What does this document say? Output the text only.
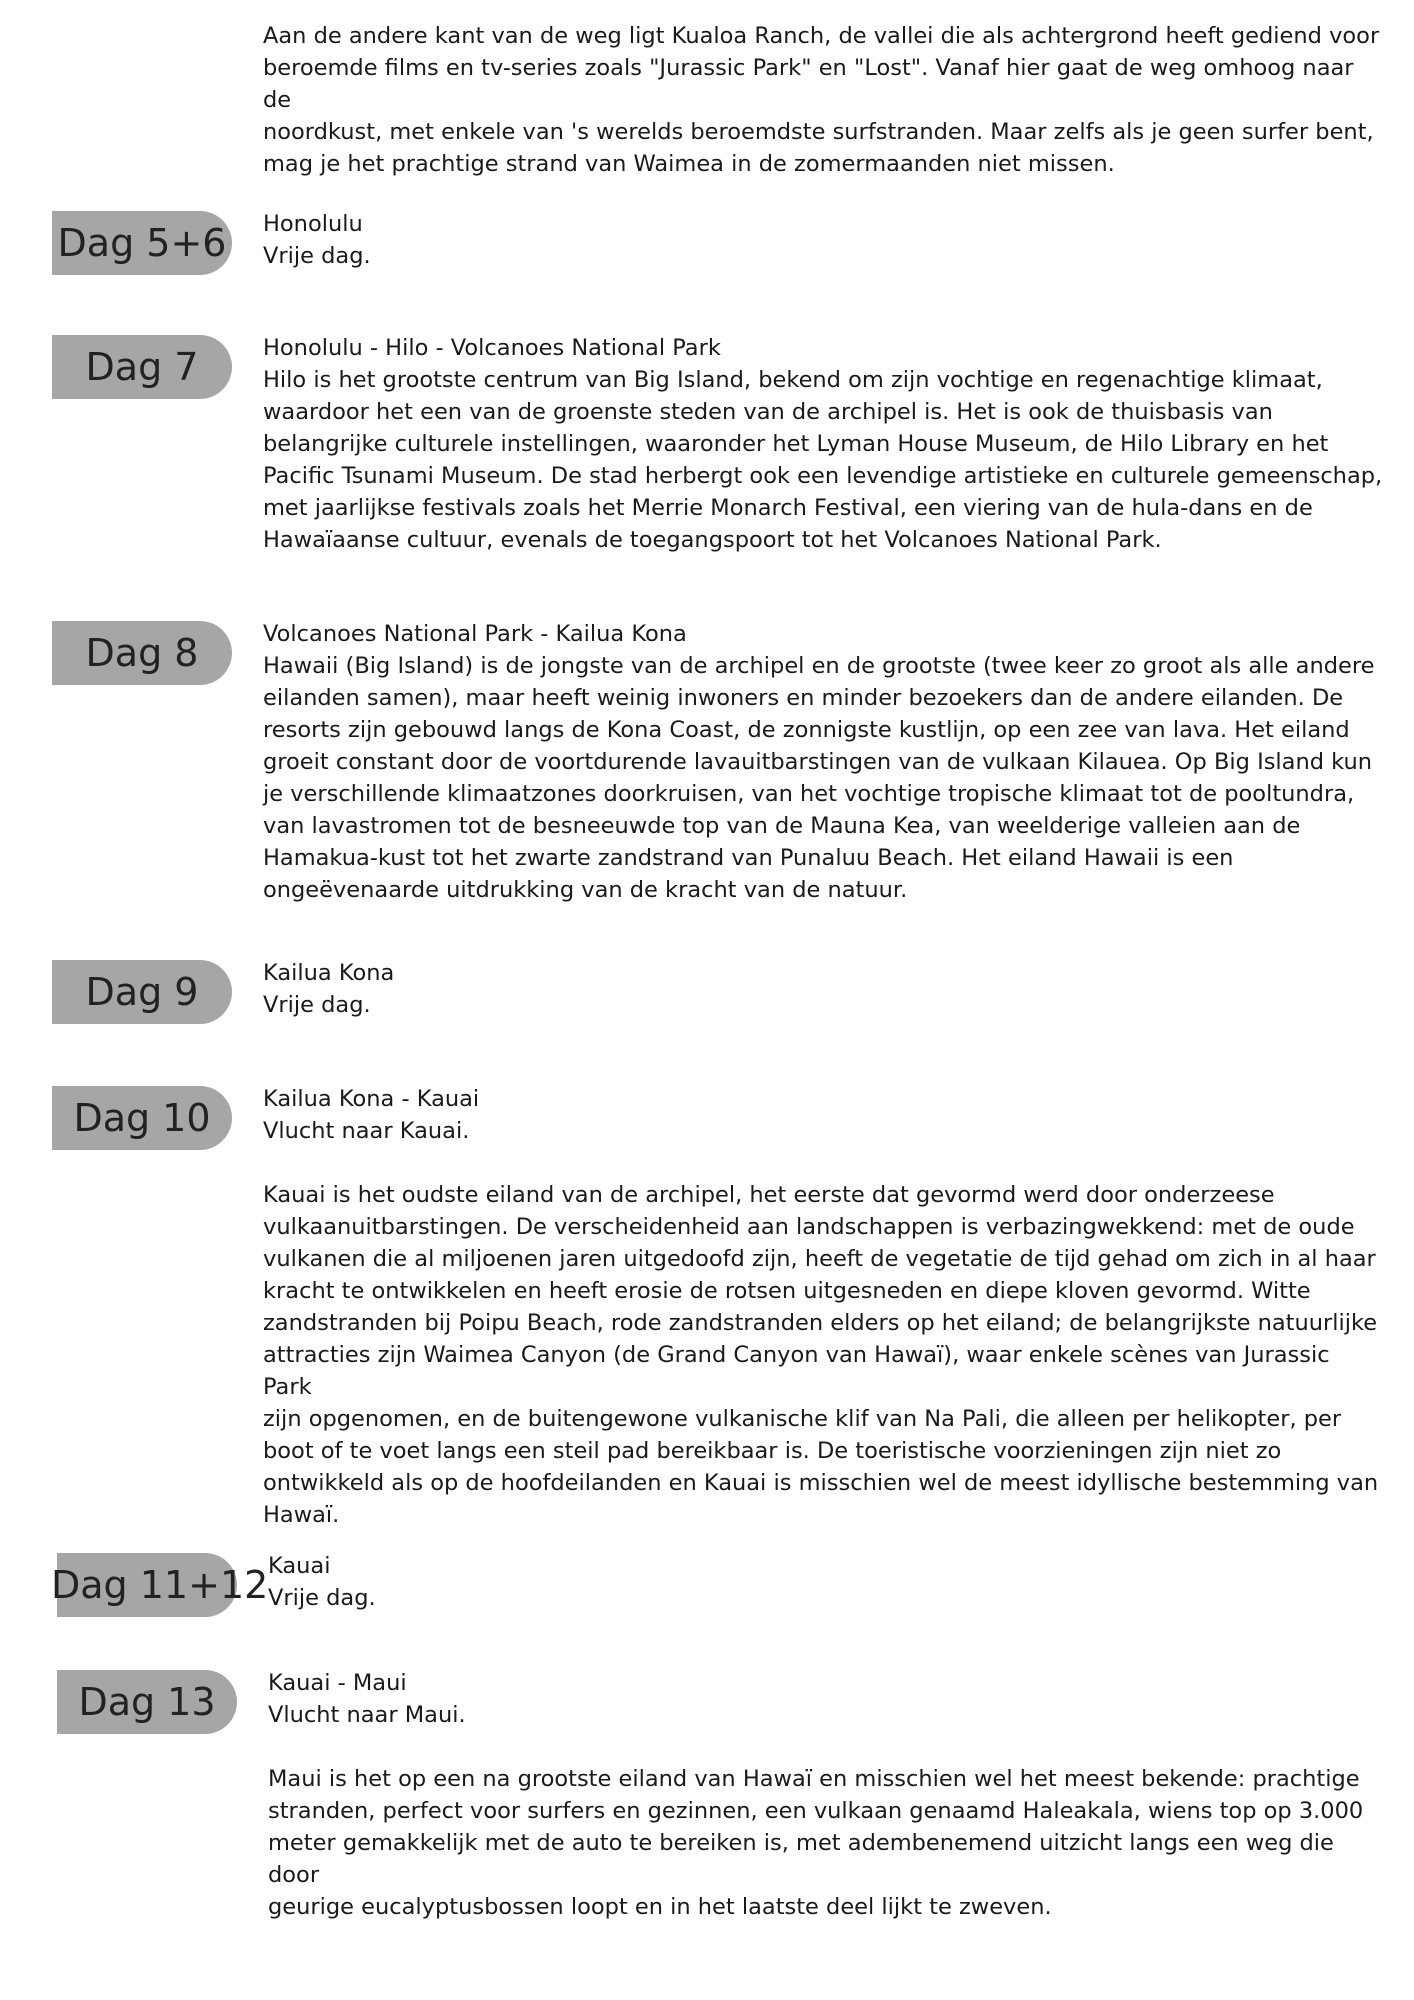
Aan de andere kant van de weg ligt Kualoa Ranch, de vallei die als achtergrond heeft gediend voor
beroemde films en tv-series zoals "Jurassic Park" en "Lost". Vanaf hier gaat de weg omhoog naar de
noordkust, met enkele van 's werelds beroemdste surfstranden. Maar zelfs als je geen surfer bent,
mag je het prachtige strand van Waimea in de zomermaanden niet missen.

Dag 5+6 Honolulu

Vrije dag.

Dag 7	Honolulu - Hilo - Volcanoes National Park

Hilo is het grootste centrum van Big Island, bekend om zijn vochtige en regenachtige klimaat,
waardoor het een van de groenste steden van de archipel is. Het is ook de thuisbasis van
belangrijke culturele instellingen, waaronder het Lyman House Museum, de Hilo Library en het
Pacific Tsunami Museum. De stad herbergt ook een levendige artistieke en culturele gemeenschap,
met jaarlijkse festivals zoals het Merrie Monarch Festival, een viering van de hula-dans en de
Hawaïaanse cultuur, evenals de toegangspoort tot het Volcanoes National Park.

Dag 8	Volcanoes National Park - Kailua Kona

Hawaii (Big Island) is de jongste van de archipel en de grootste (twee keer zo groot als alle andere
eilanden samen), maar heeft weinig inwoners en minder bezoekers dan de andere eilanden. De
resorts zijn gebouwd langs de Kona Coast, de zonnigste kustlijn, op een zee van lava. Het eiland
groeit constant door de voortdurende lavauitbarstingen van de vulkaan Kilauea. Op Big Island kun
je verschillende klimaatzones doorkruisen, van het vochtige tropische klimaat tot de pooltundra,
van lavastromen tot de besneeuwde top van de Mauna Kea, van weelderige valleien aan de
Hamakua-kust tot het zwarte zandstrand van Punaluu Beach. Het eiland Hawaii is een
ongeëvenaarde uitdrukking van de kracht van de natuur.

Dag 9	Kailua Kona

Vrije dag.

Dag 10 Kailua Kona - Kauai

Vlucht naar Kauai.

Kauai is het oudste eiland van de archipel, het eerste dat gevormd werd door onderzeese
vulkaanuitbarstingen. De verscheidenheid aan landschappen is verbazingwekkend: met de oude
vulkanen die al miljoenen jaren uitgedoofd zijn, heeft de vegetatie de tijd gehad om zich in al haar
kracht te ontwikkelen en heeft erosie de rotsen uitgesneden en diepe kloven gevormd. Witte
zandstranden bij Poipu Beach, rode zandstranden elders op het eiland; de belangrijkste natuurlijke
attracties zijn Waimea Canyon (de Grand Canyon van Hawaï), waar enkele scènes van Jurassic Park
zijn opgenomen, en de buitengewone vulkanische klif van Na Pali, die alleen per helikopter, per
boot of te voet langs een steil pad bereikbaar is. De toeristische voorzieningen zijn niet zo
ontwikkeld als op de hoofdeilanden en Kauai is misschien wel de meest idyllische bestemming van
Hawaï.

Dag 11+12 Kauai

Vrije dag.

Dag 13 Kauai - Maui

Vlucht naar Maui.

Maui is het op een na grootste eiland van Hawaï en misschien wel het meest bekende: prachtige
stranden, perfect voor surfers en gezinnen, een vulkaan genaamd Haleakala, wiens top op 3.000
meter gemakkelijk met de auto te bereiken is, met adembenemend uitzicht langs een weg die door
geurige eucalyptusbossen loopt en in het laatste deel lijkt te zweven.
